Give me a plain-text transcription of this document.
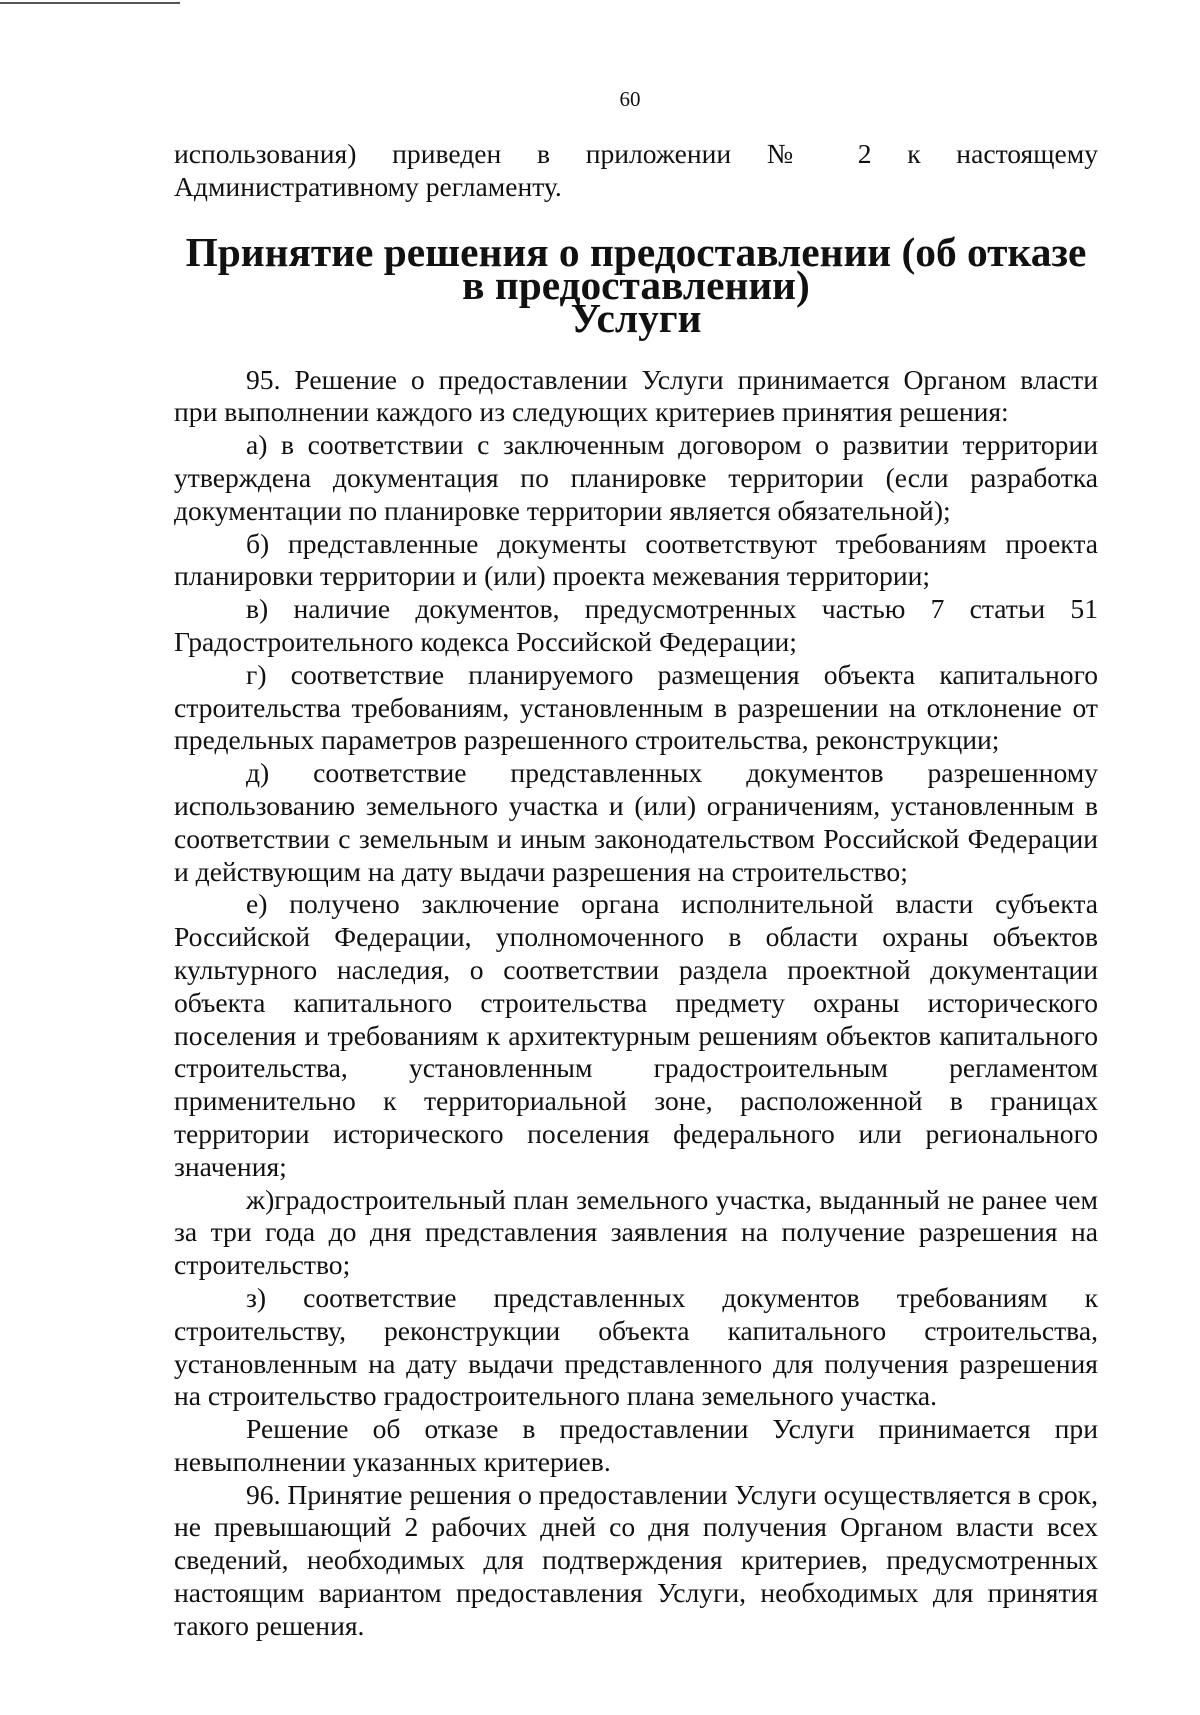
60

использования) приведен в приложении № 2 к настоящему Административному регламенту.

Принятие решения о предоставлении (об отказе в предоставлении)
Услуги

95. Решение о предоставлении Услуги принимается Органом власти при выполнении каждого из следующих критериев принятия решения:

а) в соответствии с заключенным договором о развитии территории утверждена документация по планировке территории (если разработка документации по планировке территории является обязательной);

б) представленные документы соответствуют требованиям проекта планировки территории и (или) проекта межевания территории;

в) наличие документов, предусмотренных частью 7 статьи 51 Градостроительного кодекса Российской Федерации;

г) соответствие планируемого размещения объекта капитального строительства требованиям, установленным в разрешении на отклонение от предельных параметров разрешенного строительства, реконструкции;

д) соответствие представленных документов разрешенному использованию земельного участка и (или) ограничениям, установленным в соответствии с земельным и иным законодательством Российской Федерации и действующим на дату выдачи разрешения на строительство;

е) получено заключение органа исполнительной власти субъекта Российской Федерации, уполномоченного в области охраны объектов культурного наследия, о соответствии раздела проектной документации объекта капитального строительства предмету охраны исторического поселения и требованиям к архитектурным решениям объектов капитального строительства, установленным градостроительным регламентом применительно к территориальной зоне, расположенной в границах территории исторического поселения федерального или регионального значения;

ж)градостроительный план земельного участка, выданный не ранее чем за три года до дня представления заявления на получение разрешения на строительство;

з) соответствие представленных документов требованиям к строительству, реконструкции объекта капитального строительства, установленным на дату выдачи представленного для получения разрешения на строительство градостроительного плана земельного участка.

Решение об отказе в предоставлении Услуги принимается при невыполнении указанных критериев.

96. Принятие решения о предоставлении Услуги осуществляется в срок, не превышающий 2 рабочих дней со дня получения Органом власти всех сведений, необходимых для подтверждения критериев, предусмотренных настоящим вариантом предоставления Услуги, необходимых для принятия такого решения.
